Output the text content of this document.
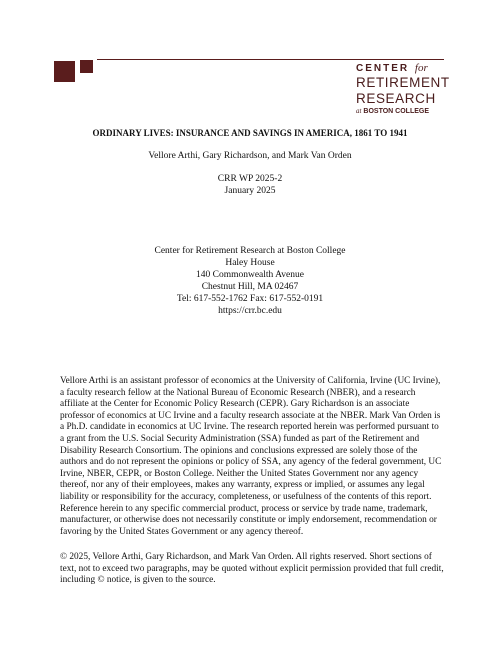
CENTER for
RETIREMENT
RESEARCH
at BOSTON COLLEGE
ORDINARY LIVES: INSURANCE AND SAVINGS IN AMERICA, 1861 TO 1941
Vellore Arthi, Gary Richardson, and Mark Van Orden
CRR WP 2025-2
January 2025
Center for Retirement Research at Boston College
Haley House
140 Commonwealth Avenue
Chestnut Hill, MA 02467
Tel: 617-552-1762 Fax: 617-552-0191
https://crr.bc.edu
Vellore Arthi is an assistant professor of economics at the University of California, Irvine (UC Irvine), a faculty research fellow at the National Bureau of Economic Research (NBER), and a research affiliate at the Center for Economic Policy Research (CEPR). Gary Richardson is an associate professor of economics at UC Irvine and a faculty research associate at the NBER. Mark Van Orden is a Ph.D. candidate in economics at UC Irvine. The research reported herein was performed pursuant to a grant from the U.S. Social Security Administration (SSA) funded as part of the Retirement and Disability Research Consortium. The opinions and conclusions expressed are solely those of the authors and do not represent the opinions or policy of SSA, any agency of the federal government, UC Irvine, NBER, CEPR, or Boston College. Neither the United States Government nor any agency thereof, nor any of their employees, makes any warranty, express or implied, or assumes any legal liability or responsibility for the accuracy, completeness, or usefulness of the contents of this report. Reference herein to any specific commercial product, process or service by trade name, trademark, manufacturer, or otherwise does not necessarily constitute or imply endorsement, recommendation or favoring by the United States Government or any agency thereof.
© 2025, Vellore Arthi, Gary Richardson, and Mark Van Orden. All rights reserved. Short sections of text, not to exceed two paragraphs, may be quoted without explicit permission provided that full credit, including © notice, is given to the source.
